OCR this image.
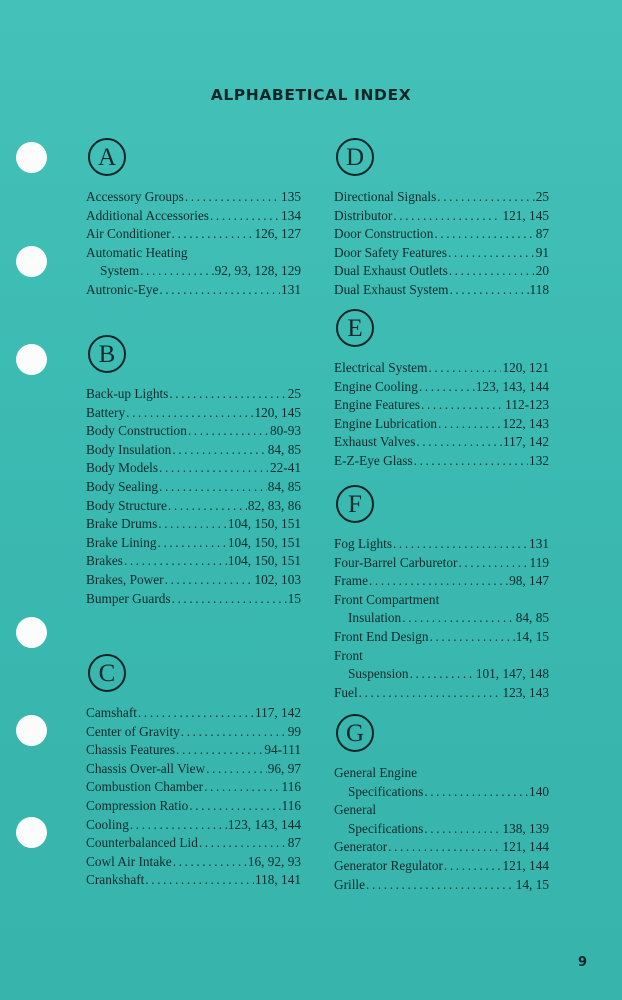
ALPHABETICAL INDEX
A
Accessory Groups .....	135
Additional Accessories .....	134
Air Conditioner .....	126, 127
Automatic Heating
System .....	92, 93, 128, 129
Autronic-Eye .....	131
B
Back-up Lights .....	25
Battery .....	120, 145
Body Construction .....	80-93
Body Insulation .....	84, 85
Body Models .....	22-41
Body Sealing .....	84, 85
Body Structure .....	82, 83, 86
Brake Drums .....	104, 150, 151
Brake Lining .....	104, 150, 151
Brakes .....	104, 150, 151
Brakes, Power .....	102, 103
Bumper Guards .....	15
C
Camshaft .....	117, 142
Center of Gravity .....	99
Chassis Features .....	94-111
Chassis Over-all View .....	96, 97
Combustion Chamber .....	116
Compression Ratio .....	116
Cooling .....	123, 143, 144
Counterbalanced Lid .....	87
Cowl Air Intake .....	16, 92, 93
Crankshaft .....	118, 141
D
Directional Signals .....	25
Distributor .....	121, 145
Door Construction .....	87
Door Safety Features .....	91
Dual Exhaust Outlets .....	20
Dual Exhaust System .....	118
E
Electrical System .....	120, 121
Engine Cooling .....	123, 143, 144
Engine Features .....	112-123
Engine Lubrication .....	122, 143
Exhaust Valves .....	117, 142
E-Z-Eye Glass .....	132
F
Fog Lights .....	131
Four-Barrel Carburetor .....	119
Frame .....	98, 147
Front Compartment
Insulation .....	84, 85
Front End Design .....	14, 15
Front
Suspension .....	101, 147, 148
Fuel .....	123, 143
G
General Engine
Specifications .....	140
General
Specifications .....	138, 139
Generator .....	121, 144
Generator Regulator .....	121, 144
Grille .....	14, 15
9
